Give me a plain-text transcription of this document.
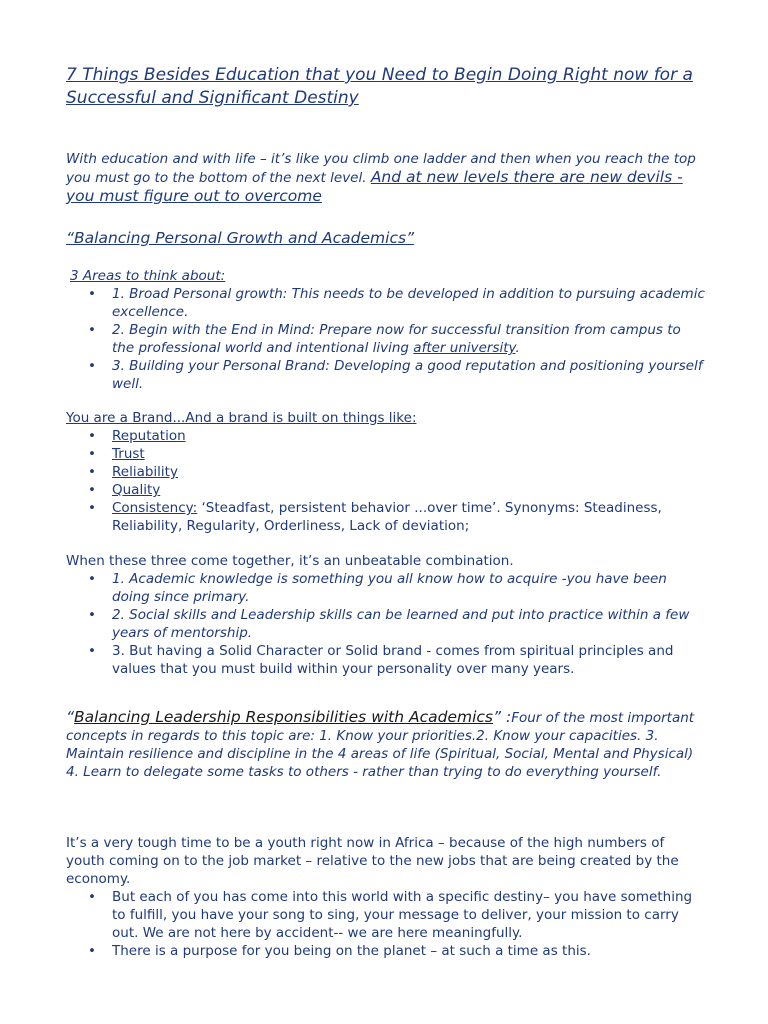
7 Things Besides Education that you Need to Begin Doing Right now for a Successful and Significant Destiny
With education and with life – it’s like you climb one ladder and then when you reach the top you must go to the bottom of the next level. And at new levels there are new devils - you must figure out to overcome
“Balancing Personal Growth and Academics”
3 Areas to think about:
• 1. Broad Personal growth: This needs to be developed in addition to pursuing academic excellence.
• 2. Begin with the End in Mind: Prepare now for successful transition from campus to the professional world and intentional living after university.
• 3. Building your Personal Brand: Developing a good reputation and positioning yourself well.
You are a Brand...And a brand is built on things like:
• Reputation
• Trust
• Reliability
• Quality
• Consistency: ‘Steadfast, persistent behavior ...over time’. Synonyms: Steadiness, Reliability, Regularity, Orderliness, Lack of deviation;
When these three come together, it’s an unbeatable combination.
• 1. Academic knowledge is something you all know how to acquire -you have been doing since primary.
• 2. Social skills and Leadership skills can be learned and put into practice within a few years of mentorship.
• 3. But having a Solid Character or Solid brand - comes from spiritual principles and values that you must build within your personality over many years.
“Balancing Leadership Responsibilities with Academics” :Four of the most important concepts in regards to this topic are: 1. Know your priorities.2. Know your capacities. 3. Maintain resilience and discipline in the 4 areas of life (Spiritual, Social, Mental and Physical) 4. Learn to delegate some tasks to others - rather than trying to do everything yourself.
It’s a very tough time to be a youth right now in Africa – because of the high numbers of youth coming on to the job market – relative to the new jobs that are being created by the economy.
• But each of you has come into this world with a specific destiny– you have something to fulfill, you have your song to sing, your message to deliver, your mission to carry out. We are not here by accident-- we are here meaningfully.
• There is a purpose for you being on the planet – at such a time as this.
